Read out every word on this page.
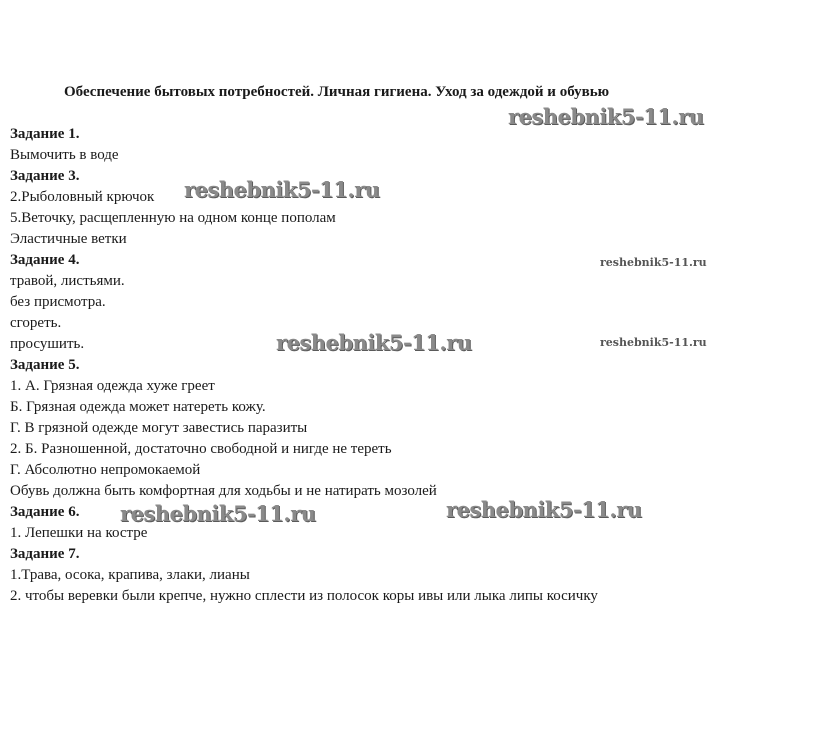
Обеспечение бытовых потребностей. Личная гигиена. Уход за одеждой и обувью
Задание 1.
Вымочить в воде
Задание 3.
2.Рыболовный крючок
5.Веточку, расщепленную на одном конце пополам
Эластичные ветки
Задание 4.
травой, листьями.
без присмотра.
сгореть.
просушить.
Задание 5.
1. А. Грязная одежда хуже греет
Б. Грязная одежда может натереть кожу.
Г. В грязной одежде могут завестись паразиты
2. Б. Разношенной, достаточно свободной и нигде не тереть
Г. Абсолютно непромокаемой
Обувь должна быть комфортная для ходьбы и не натирать мозолей
Задание 6.
1. Лепешки на костре
Задание 7.
1.Трава, осока, крапива, злаки, лианы
2. чтобы веревки были крепче, нужно сплести из полосок коры ивы или лыка липы косичку
reshebnik5-11.ru
reshebnik5-11.ru
reshebnik5-11.ru
reshebnik5-11.ru	reshebnik5-11.ru
reshebnik5-11.ru
reshebnik5-11.ru
